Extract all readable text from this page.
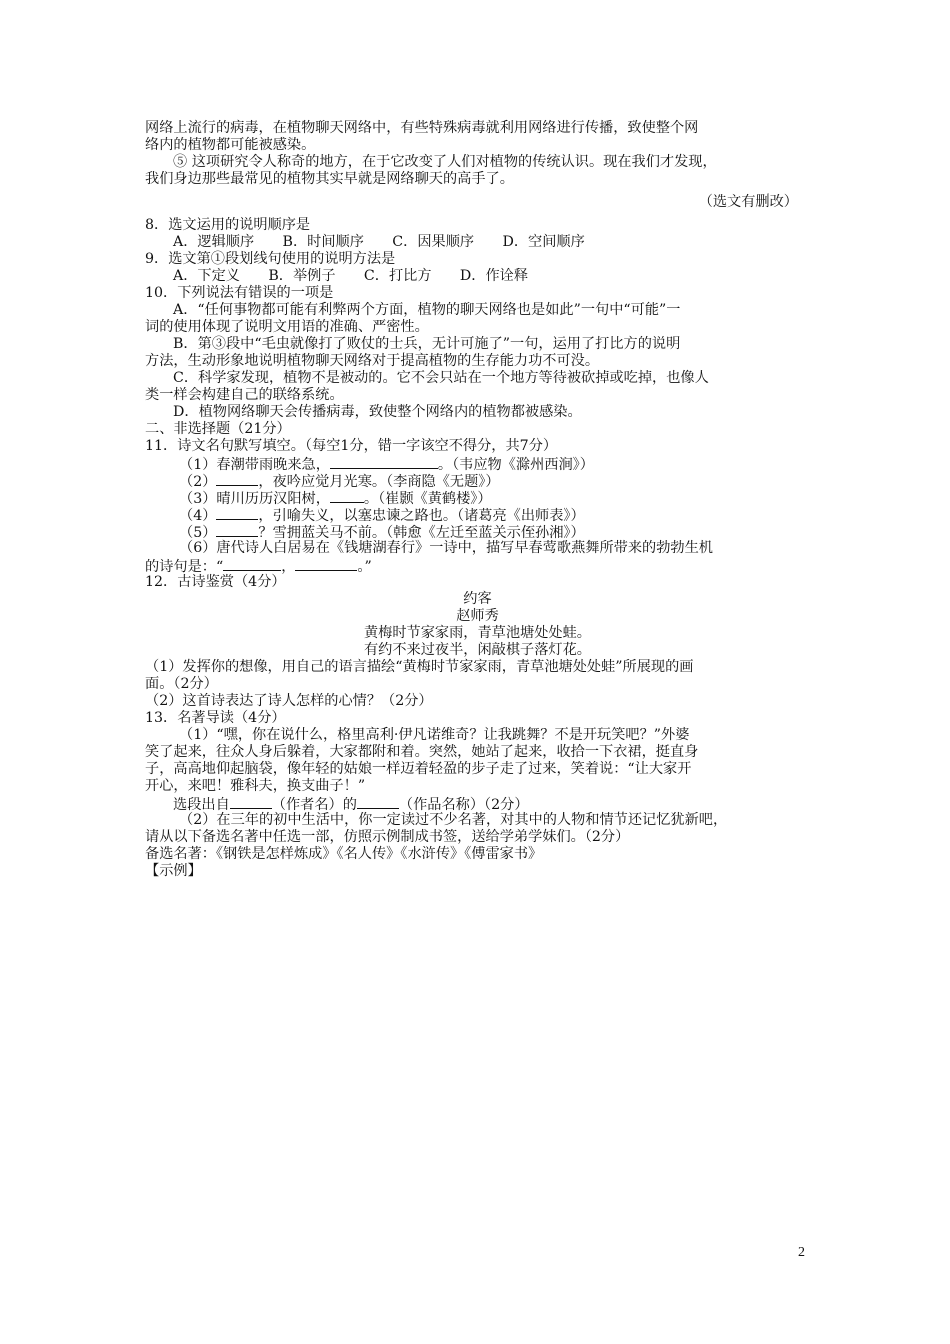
网络上流行的病毒，在植物聊天网络中，有些特殊病毒就利用网络进行传播，致使整个网
络内的植物都可能被感染。
⑤ 这项研究令人称奇的地方，在于它改变了人们对植物的传统认识。现在我们才发现，
我们身边那些最常见的植物其实早就是网络聊天的高手了。
（选文有删改）
8．选文运用的说明顺序是
A．逻辑顺序　　B．时间顺序　　C．因果顺序　　D．空间顺序
9．选文第①段划线句使用的说明方法是
A．下定义　　B．举例子　　C．打比方　　D．作诠释
10．下列说法有错误的一项是
A．“任何事物都可能有利弊两个方面，植物的聊天网络也是如此”一句中“可能”一
词的使用体现了说明文用语的准确、严密性。
B．第③段中“毛虫就像打了败仗的士兵，无计可施了”一句，运用了打比方的说明
方法，生动形象地说明植物聊天网络对于提高植物的生存能力功不可没。
C．科学家发现，植物不是被动的。它不会只站在一个地方等待被砍掉或吃掉，也像人
类一样会构建自己的联络系统。
D．植物网络聊天会传播病毒，致使整个网络内的植物都被感染。
二、非选择题（21分）
11．诗文名句默写填空。（每空1分，错一字该空不得分，共7分）
（1）春潮带雨晚来急，	。（韦应物《滁州西涧》）
（2）	，夜吟应觉月光寒。（李商隐《无题》）
（3）晴川历历汉阳树， 。（崔颢《黄鹤楼》）
（4）	，引喻失义，以塞忠谏之路也。（诸葛亮《出师表》）
（5）	？雪拥蓝关马不前。（韩愈《左迁至蓝关示侄孙湘》）
（6）唐代诗人白居易在《钱塘湖春行》一诗中，描写早春莺歌燕舞所带来的勃勃生机
的诗句是：“	，	。”
12．古诗鉴赏（4分）
约客
赵师秀
黄梅时节家家雨，青草池塘处处蛙。
有约不来过夜半，闲敲棋子落灯花。
（1）发挥你的想像，用自己的语言描绘“黄梅时节家家雨，青草池塘处处蛙”所展现的画
面。（2分）
（2）这首诗表达了诗人怎样的心情？（2分）
13．名著导读（4分）
（1）“嘿，你在说什么，格里高利·伊凡诺维奇？让我跳舞？不是开玩笑吧？”外婆
笑了起来，往众人身后躲着，大家都附和着。突然，她站了起来，收拾一下衣裙，挺直身
子，高高地仰起脑袋，像年轻的姑娘一样迈着轻盈的步子走了过来，笑着说：“让大家开
开心，来吧！雅科夫，换支曲子！”
选段出自	（作者名）的	（作品名称）（2分）
（2）在三年的初中生活中，你一定读过不少名著，对其中的人物和情节还记忆犹新吧，
请从以下备选名著中任选一部，仿照示例制成书签，送给学弟学妹们。（2分）
备选名著：《钢铁是怎样炼成》《名人传》《水浒传》《傅雷家书》
【示例】
2
